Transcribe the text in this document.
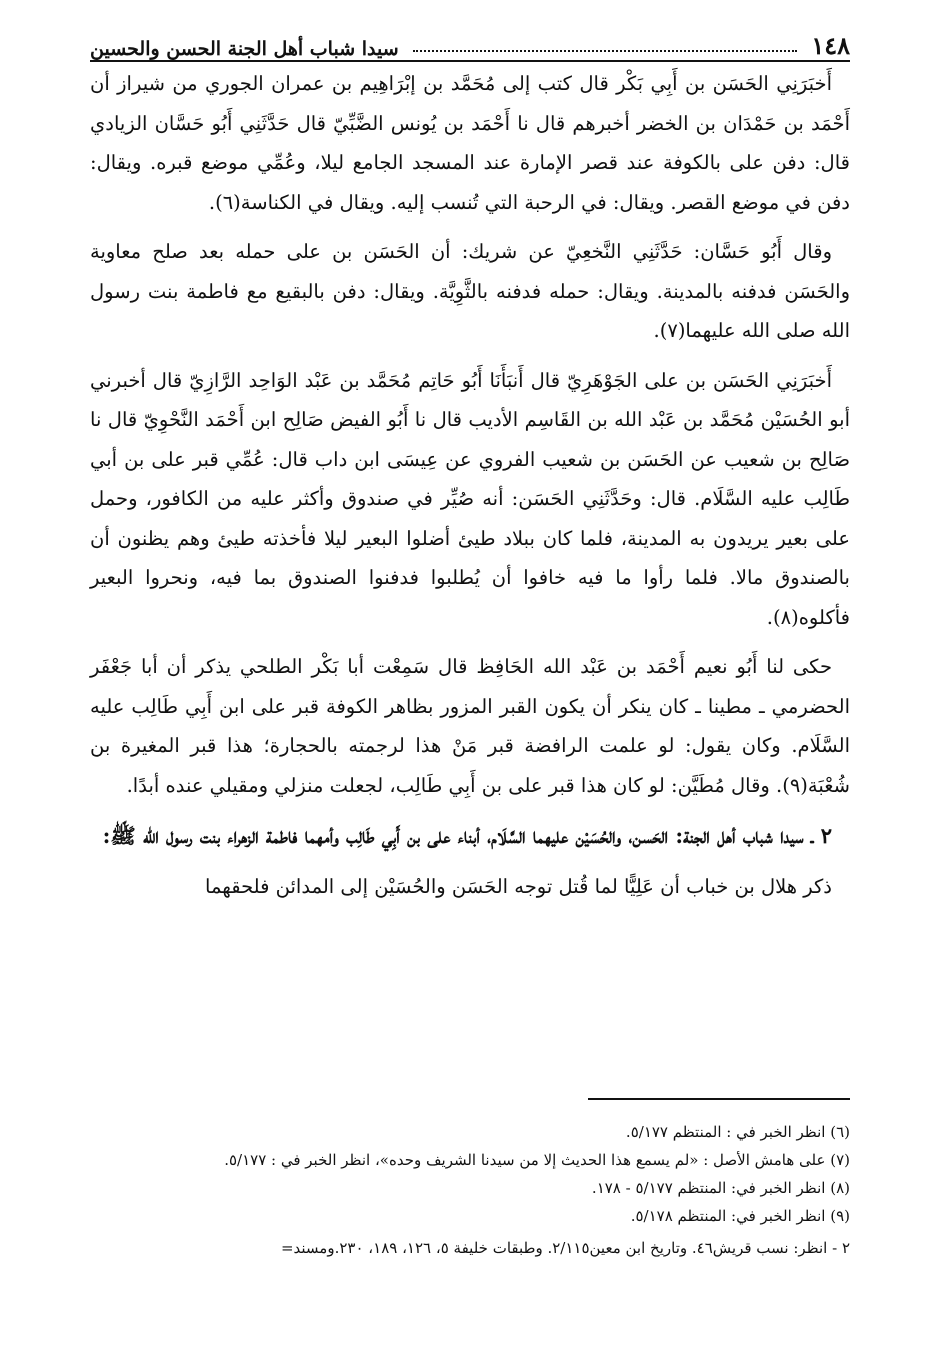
١٤٨
سيدا شباب أهل الجنة الحسن والحسين

أَخبَرَنِي الحَسَن بن أَبِي بَكْر قال كتب إلى مُحَمَّد بن إبْرَاهِيم بن عمران الجوري من شيراز أن أَحْمَد بن حَمْدَان بن الخضر أخبرهم قال نا أَحْمَد بن يُونس الضَّبِّيّ قال حَدَّثَنِي أَبُو حَسَّان الزيادي قال: دفن على بالكوفة عند قصر الإمارة عند المسجد الجامع ليلا، وعُمِّي موضع قبره. ويقال: دفن في موضع القصر. ويقال: في الرحبة التي تُنسب إليه. ويقال في الكناسة(٦).

وقال أَبُو حَسَّان: حَدَّثَنِي النَّخعِيّ عن شريك: أن الحَسَن بن على حمله بعد صلح معاوية والحَسَن فدفنه بالمدينة. ويقال: حمله فدفنه بالثَّوِيَّة. ويقال: دفن بالبقيع مع فاطمة بنت رسول الله صلى الله عليهما(٧).

أَخبَرَنِي الحَسَن بن على الجَوْهَرِيّ قال أَنبَأَنَا أَبُو حَاتِم مُحَمَّد بن عَبْد الوَاحِد الرَّازِيّ قال أخبرني أبو الحُسَيْن مُحَمَّد بن عَبْد الله بن القَاسِم الأديب قال نا أَبُو الفيض صَالِح ابن أَحْمَد النَّحْوِيّ قال نا صَالِح بن شعيب عن الحَسَن بن شعيب الفروي عن عِيسَى ابن داب قال: عُمِّي قبر على بن أبي طَالِب عليه السَّلَام. قال: وحَدَّثَنِي الحَسَن: أنه صُيِّر في صندوق وأكثر عليه من الكافور، وحمل على بعير يريدون به المدينة، فلما كان ببلاد طيئ أضلوا البعير ليلا فأخذته طيئ وهم يظنون أن بالصندوق مالا. فلما رأوا ما فيه خافوا أن يُطلبوا فدفنوا الصندوق بما فيه، ونحروا البعير فأكلوه(٨).

حكى لنا أَبُو نعيم أَحْمَد بن عَبْد الله الحَافِظ قال سَمِعْت أبا بَكْر الطلحي يذكر أن أبا جَعْفَر الحضرمي ـ مطينا ـ كان ينكر أن يكون القبر المزور بظاهر الكوفة قبر على ابن أَبِي طَالِب عليه السَّلَام. وكان يقول: لو علمت الرافضة قبر مَنْ هذا لرجمته بالحجارة؛ هذا قبر المغيرة بن شُعْبَة(٩). وقال مُطَيَّن: لو كان هذا قبر على بن أَبِي طَالِب، لجعلت منزلي ومقيلي عنده أبدًا.

٢ ـ سيدا شباب أهل الجنة: الحَسن، والحُسَيْن عليهما السَّلَام، أبناء على بن أَبِي طَالِب وأمهما فاطمة الزهراء بنت رسول الله ﷺ:

ذكر هلال بن خباب أن عَلِيًّا لما قُتل توجه الحَسَن والحُسَيْن إلى المدائن فلحقهما

(٦) انظر الخبر في : المنتظم ٥/١٧٧.

(٧) على هامش الأصل : «لم يسمع هذا الحديث إلا من سيدنا الشريف وحده»، انظر الخبر في : ٥/١٧٧.

(٨) انظر الخبر في: المنتظم ٥/١٧٧ - ١٧٨.

(٩) انظر الخبر في: المنتظم ٥/١٧٨.

٢ - انظر: نسب قريش٤٦. وتاريخ ابن معين٢/١١٥. وطبقات خليفة ٥، ١٢٦، ١٨٩، ٢٣٠.ومسند=
